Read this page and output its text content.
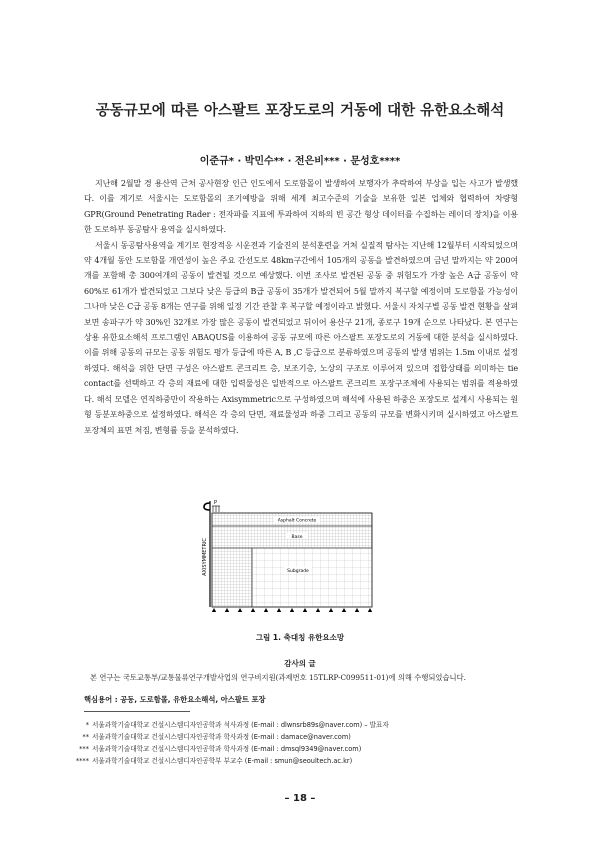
공동규모에 따른 아스팔트 포장도로의 거동에 대한 유한요소해석
이준규* · 박민수** · 전은비*** · 문성호****

지난해 2월말 경 용산역 근처 공사현장 인근 인도에서 도로함몰이 발생하여 보행자가 추락하여 부상을 입는 사고가 발생했다. 이를 계기로 서울시는 도로함몰의 조기예방을 위해 세계 최고수준의 기술을 보유한 일본 업체와 협력하여 차량형 GPR(Ground Penetrating Rader : 전자파를 지표에 투과하여 지하의 빈 공간 형상 데이터를 수집하는 레이더 장치)을 이용한 도로하부 동공탐사 용역을 실시하였다.

서울시 동공탐사용역을 계기로 현장적응 시운전과 기술진의 분석훈련을 거쳐 실질적 탐사는 지난해 12월부터 시작되었으며 약 4개월 동안 도로함몰 개연성이 높은 주요 간선도로 48km구간에서 105개의 공동을 발견하였으며 금년 말까지는 약 200여개를 포함해 총 300여개의 공동이 발견될 것으로 예상했다. 이번 조사로 발견된 공동 중 위험도가 가장 높은 A급 공동이 약 60%로 61개가 발견되었고 그보다 낮은 등급의 B급 공동이 35개가 발견되어 5월 말까지 복구할 예정이며 도로함몰 가능성이 그나마 낮은 C급 공동 8개는 연구를 위해 일정 기간 관찰 후 복구할 예정이라고 밝혔다. 서울시 자치구별 공동 발견 현황을 살펴보면 송파구가 약 30%인 32개로 가장 많은 공동이 발견되었고 뒤이어 용산구 21개, 종로구 19개 순으로 나타났다. 본 연구는 상용 유한요소해석 프로그램인 ABAQUS를 이용하여 공동 규모에 따른 아스팔트 포장도로의 거동에 대한 분석을 실시하였다. 이를 위해 공동의 규모는 공동 위험도 평가 등급에 따른 A, B ,C 등급으로 분류하였으며 공동의 발생 범위는 1.5m 이내로 설정하였다. 해석을 위한 단면 구성은 아스팔트 콘크리트 층, 보조기층, 노상의 구조로 이루어져 있으며 접합상태를 의미하는 tie contact를 선택하고 각 층의 재료에 대한 입력물성은 일반적으로 아스팔트 콘크리트 포장구조체에 사용되는 범위를 적용하였다. 해석 모델은 연직하중만이 작용하는 Axisymmetric으로 구성하였으며 해석에 사용된 하중은 포장도로 설계시 사용되는 원형 등분포하중으로 설정하였다. 해석은 각 층의 단면, 재료물성과 하중 그리고 공동의 규모를 변화시키며 실시하였고 아스팔트 포장체의 표면 처짐, 변형률 등을 분석하였다.

AXISYMMETRIC
P
Asphalt Concrete
Base
Subgrade
그림 1. 축대칭 유한요소망
감사의 글
본 연구는 국토교통부/교통물류연구개발사업의 연구비지원(과제번호 15TLRP-C099511-01)에 의해 수행되었습니다.
핵심용어 : 공동, 도로함몰, 유한요소해석, 아스팔트 포장
* 서울과학기술대학교 건설시스템디자인공학과 석사과정 (E-mail : dlwnsrb89s@naver.com) – 발표자
** 서울과학기술대학교 건설시스템디자인공학과 학사과정 (E-mail : damace@naver.com)
*** 서울과학기술대학교 건설시스템디자인공학과 학사과정 (E-mail : dmsql9349@naver.com)
**** 서울과학기술대학교 건설시스템디자인공학부 부교수 (E-mail : smun@seoultech.ac.kr)
– 18 –
